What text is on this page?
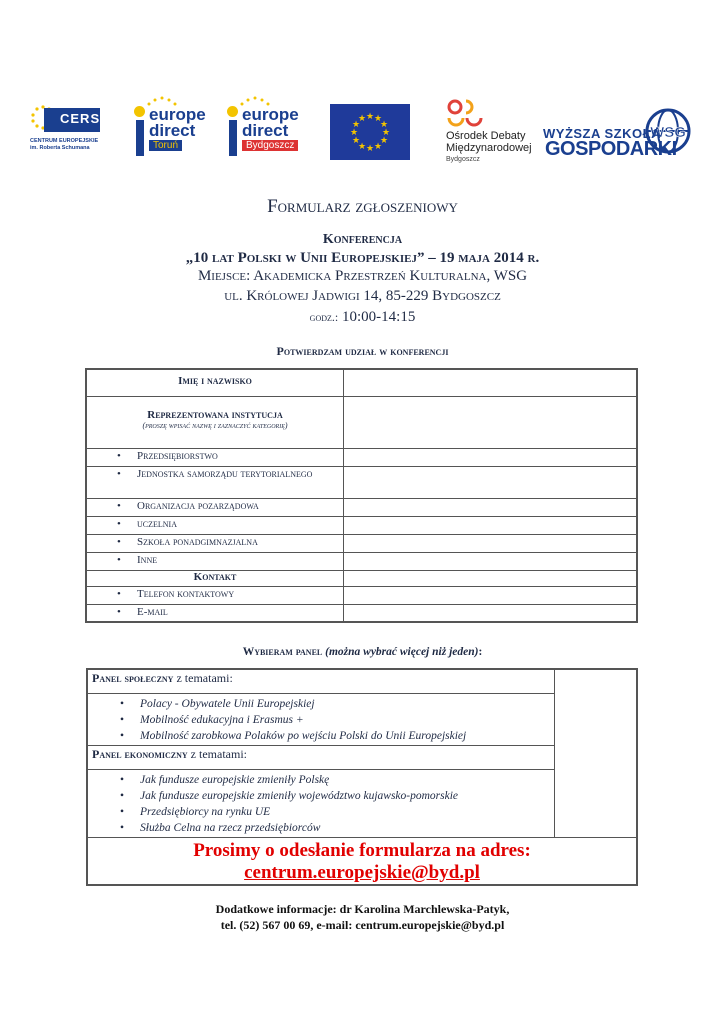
CERS
CENTRUM EUROPEJSKIE
im. Roberta Schumana
europe
direct
Toruń
europe
direct
Bydgoszcz
★ ★
★
★
★
★
★
★
★
★
★
★
Ośrodek Debaty
Międzynarodowej
Bydgoszcz
WSG
WYŻSZA SZKOŁA
GOSPODARKI
Formularz zgłoszeniowy
Konferencja
„10 lat Polski w Unii Europejskiej” – 19 maja 2014 r.
Miejsce: Akademicka Przestrzeń Kulturalna, WSG
ul. Królowej Jadwigi 14, 85-229 Bydgoszcz
godz.: 10:00-14:15
Potwierdzam udział w konferencji
Imię i nazwisko	

Reprezentowana instytucja
(proszę wpisać nazwę i zaznaczyć kategorię)	

• Przedsiębiorstwo

• Jednostka samorządu terytorialnego

• Organizacja pozarządowa

• uczelnia

• Szkoła ponadgimnazjalna

• Inne

Kontakt	

• Telefon kontaktowy

• E-mail

Wybieram panel (można wybrać więcej niż jeden):
Panel społeczny z tematami:	

• Polacy - Obywatele Unii Europejskiej
• Mobilność edukacyjna i Erasmus +
• Mobilność zarobkowa Polaków po wejściu Polski do Unii Europejskiej

Panel ekonomiczny z tematami:

• Jak fundusze europejskie zmieniły Polskę
• Jak fundusze europejskie zmieniły województwo kujawsko-pomorskie
• Przedsiębiorcy na rynku UE
• Służba Celna na rzecz przedsiębiorców

Prosimy o odesłanie formularza na adres:
centrum.europejskie@byd.pl
Dodatkowe informacje: dr Karolina Marchlewska-Patyk,
tel. (52) 567 00 69, e-mail: centrum.europejskie@byd.pl
